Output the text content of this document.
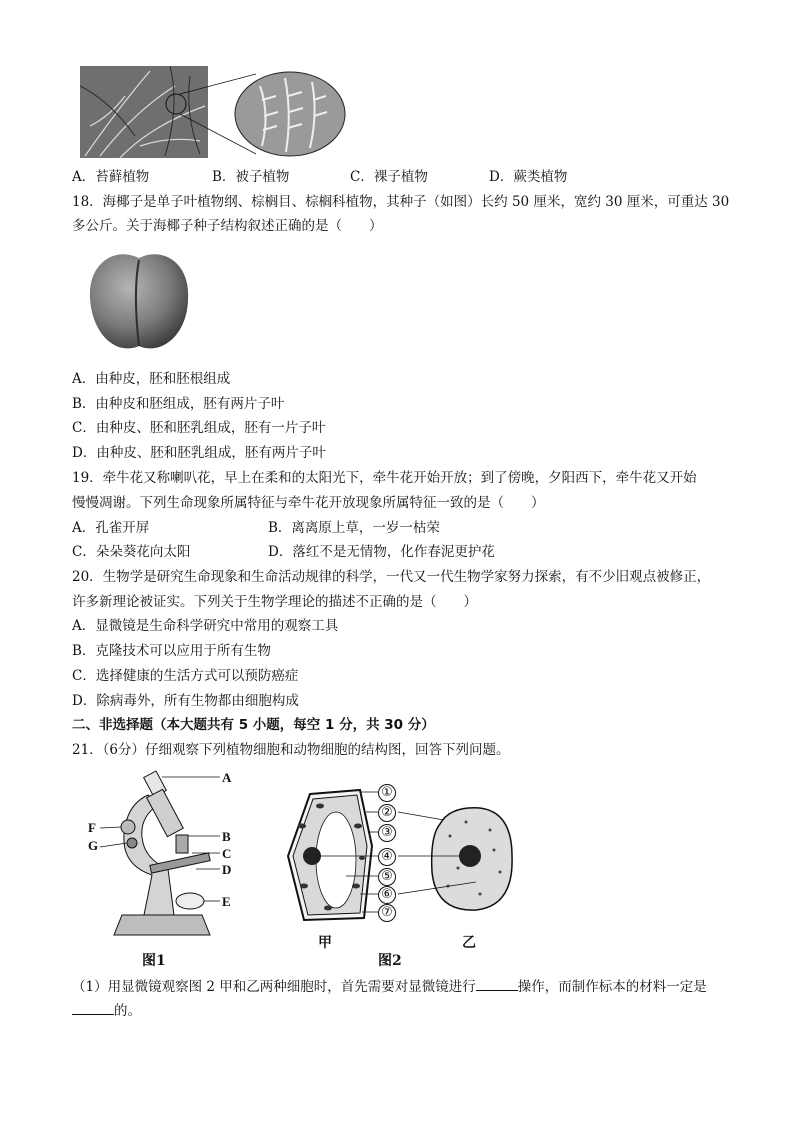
A．苔藓植物	B．被子植物	C．裸子植物	D．蕨类植物
18．海椰子是单子叶植物纲、棕榈目、棕榈科植物，其种子（如图）长约 50 厘米，宽约 30 厘米，可重达 30
多公斤。关于海椰子种子结构叙述正确的是（　　）
A．由种皮，胚和胚根组成
B．由种皮和胚组成，胚有两片子叶
C．由种皮、胚和胚乳组成，胚有一片子叶
D．由种皮、胚和胚乳组成，胚有两片子叶
19．牵牛花又称喇叭花，早上在柔和的太阳光下，牵牛花开始开放；到了傍晚，夕阳西下，牵牛花又开始
慢慢凋谢。下列生命现象所属特征与牵牛花开放现象所属特征一致的是（　　）
A．孔雀开屏	B．离离原上草，一岁一枯荣
C．朵朵葵花向太阳	D．落红不是无情物，化作春泥更护花
20．生物学是研究生命现象和生命活动规律的科学，一代又一代生物学家努力探索，有不少旧观点被修正，
许多新理论被证实。下列关于生物学理论的描述不正确的是（　　）
A．显微镜是生命科学研究中常用的观察工具
B．克隆技术可以应用于所有生物
C．选择健康的生活方式可以预防癌症
D．除病毒外，所有生物都由细胞构成
二、非选择题（本大题共有 5 小题，每空 1 分，共 30 分）
21．（6分）仔细观察下列植物细胞和动物细胞的结构图，回答下列问题。
A
B
C
D
E
F
G
图1
①
②
③
④
⑤
⑥
⑦
甲	乙
图2
（1）用显微镜观察图 2 甲和乙两种细胞时，首先需要对显微镜进行	操作，而制作标本的材料一定是
的。
